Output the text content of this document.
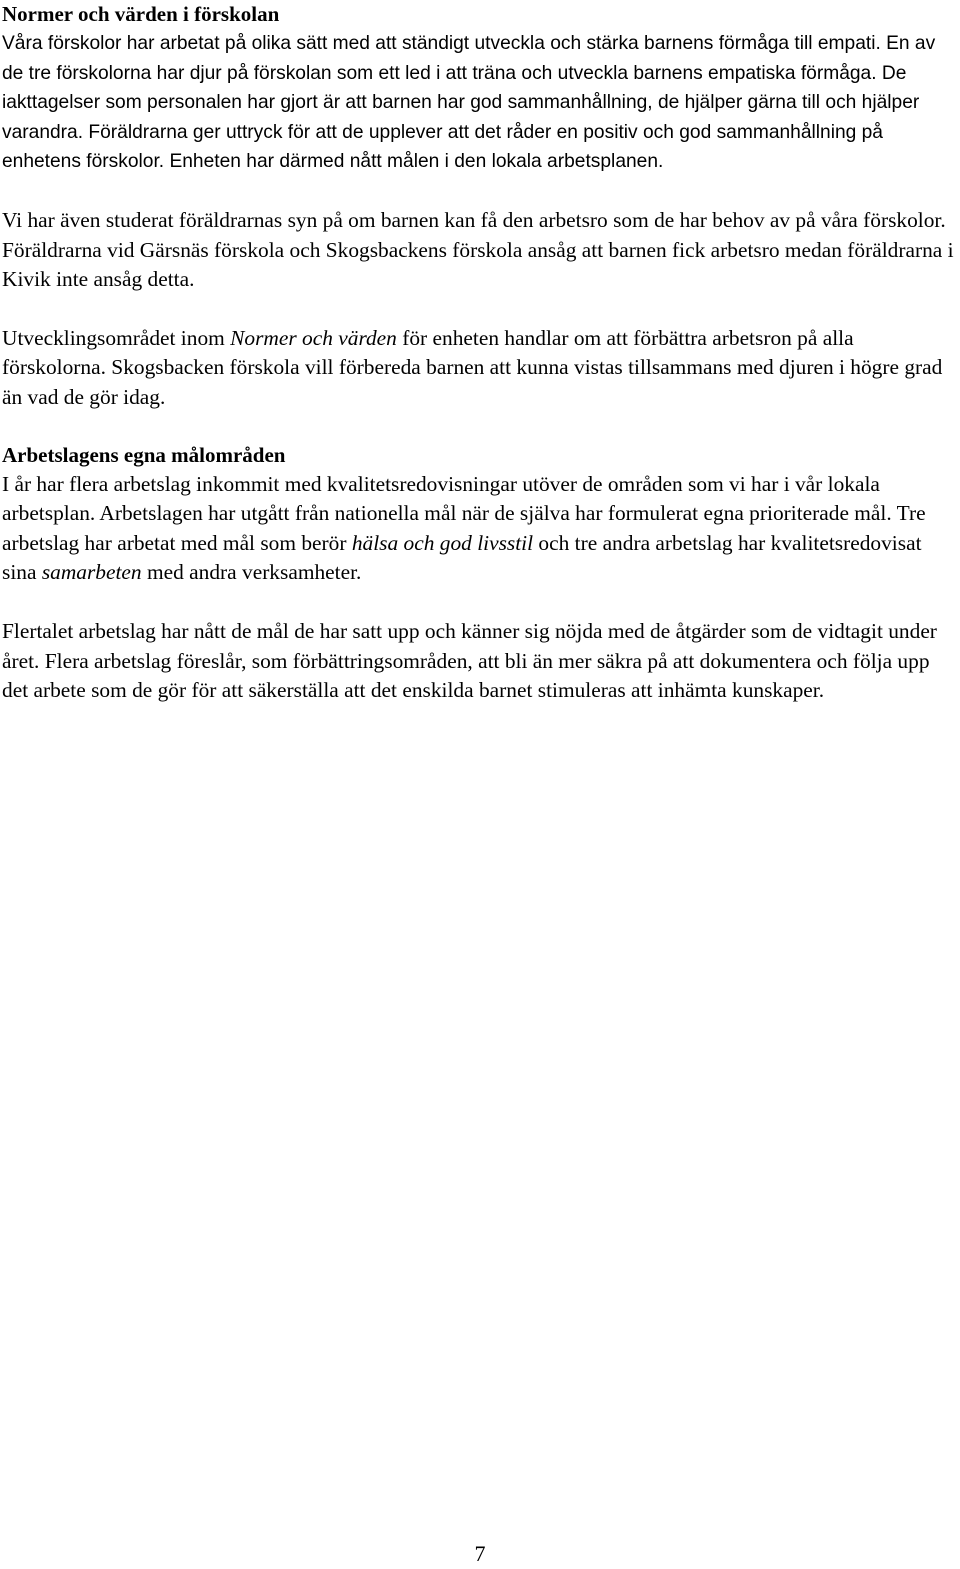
Normer och värden i förskolan

Våra förskolor har arbetat på olika sätt med att ständigt utveckla och stärka barnens förmåga till empati. En av de tre förskolorna har djur på förskolan som ett led i att träna och utveckla barnens empatiska förmåga. De iakttagelser som personalen har gjort är att barnen har god sammanhållning, de hjälper gärna till och hjälper varandra. Föräldrarna ger uttryck för att de upplever att det råder en positiv och god sammanhållning på enhetens förskolor. Enheten har därmed nått målen i den lokala arbetsplanen.

Vi har även studerat föräldrarnas syn på om barnen kan få den arbetsro som de har behov av på våra förskolor. Föräldrarna vid Gärsnäs förskola och Skogsbackens förskola ansåg att barnen fick arbetsro medan föräldrarna i Kivik inte ansåg detta.

Utvecklingsområdet inom Normer och värden för enheten handlar om att förbättra arbetsron på alla förskolorna. Skogsbacken förskola vill förbereda barnen att kunna vistas tillsammans med djuren i högre grad än vad de gör idag.

Arbetslagens egna målområden

I år har flera arbetslag inkommit med kvalitetsredovisningar utöver de områden som vi har i vår lokala arbetsplan. Arbetslagen har utgått från nationella mål när de själva har formulerat egna prioriterade mål. Tre arbetslag har arbetat med mål som berör hälsa och god livsstil och tre andra arbetslag har kvalitetsredovisat sina samarbeten med andra verksamheter.

Flertalet arbetslag har nått de mål de har satt upp och känner sig nöjda med de åtgärder som de vidtagit under året. Flera arbetslag föreslår, som förbättringsområden, att bli än mer säkra på att dokumentera och följa upp det arbete som de gör för att säkerställa att det enskilda barnet stimuleras att inhämta kunskaper.

7
